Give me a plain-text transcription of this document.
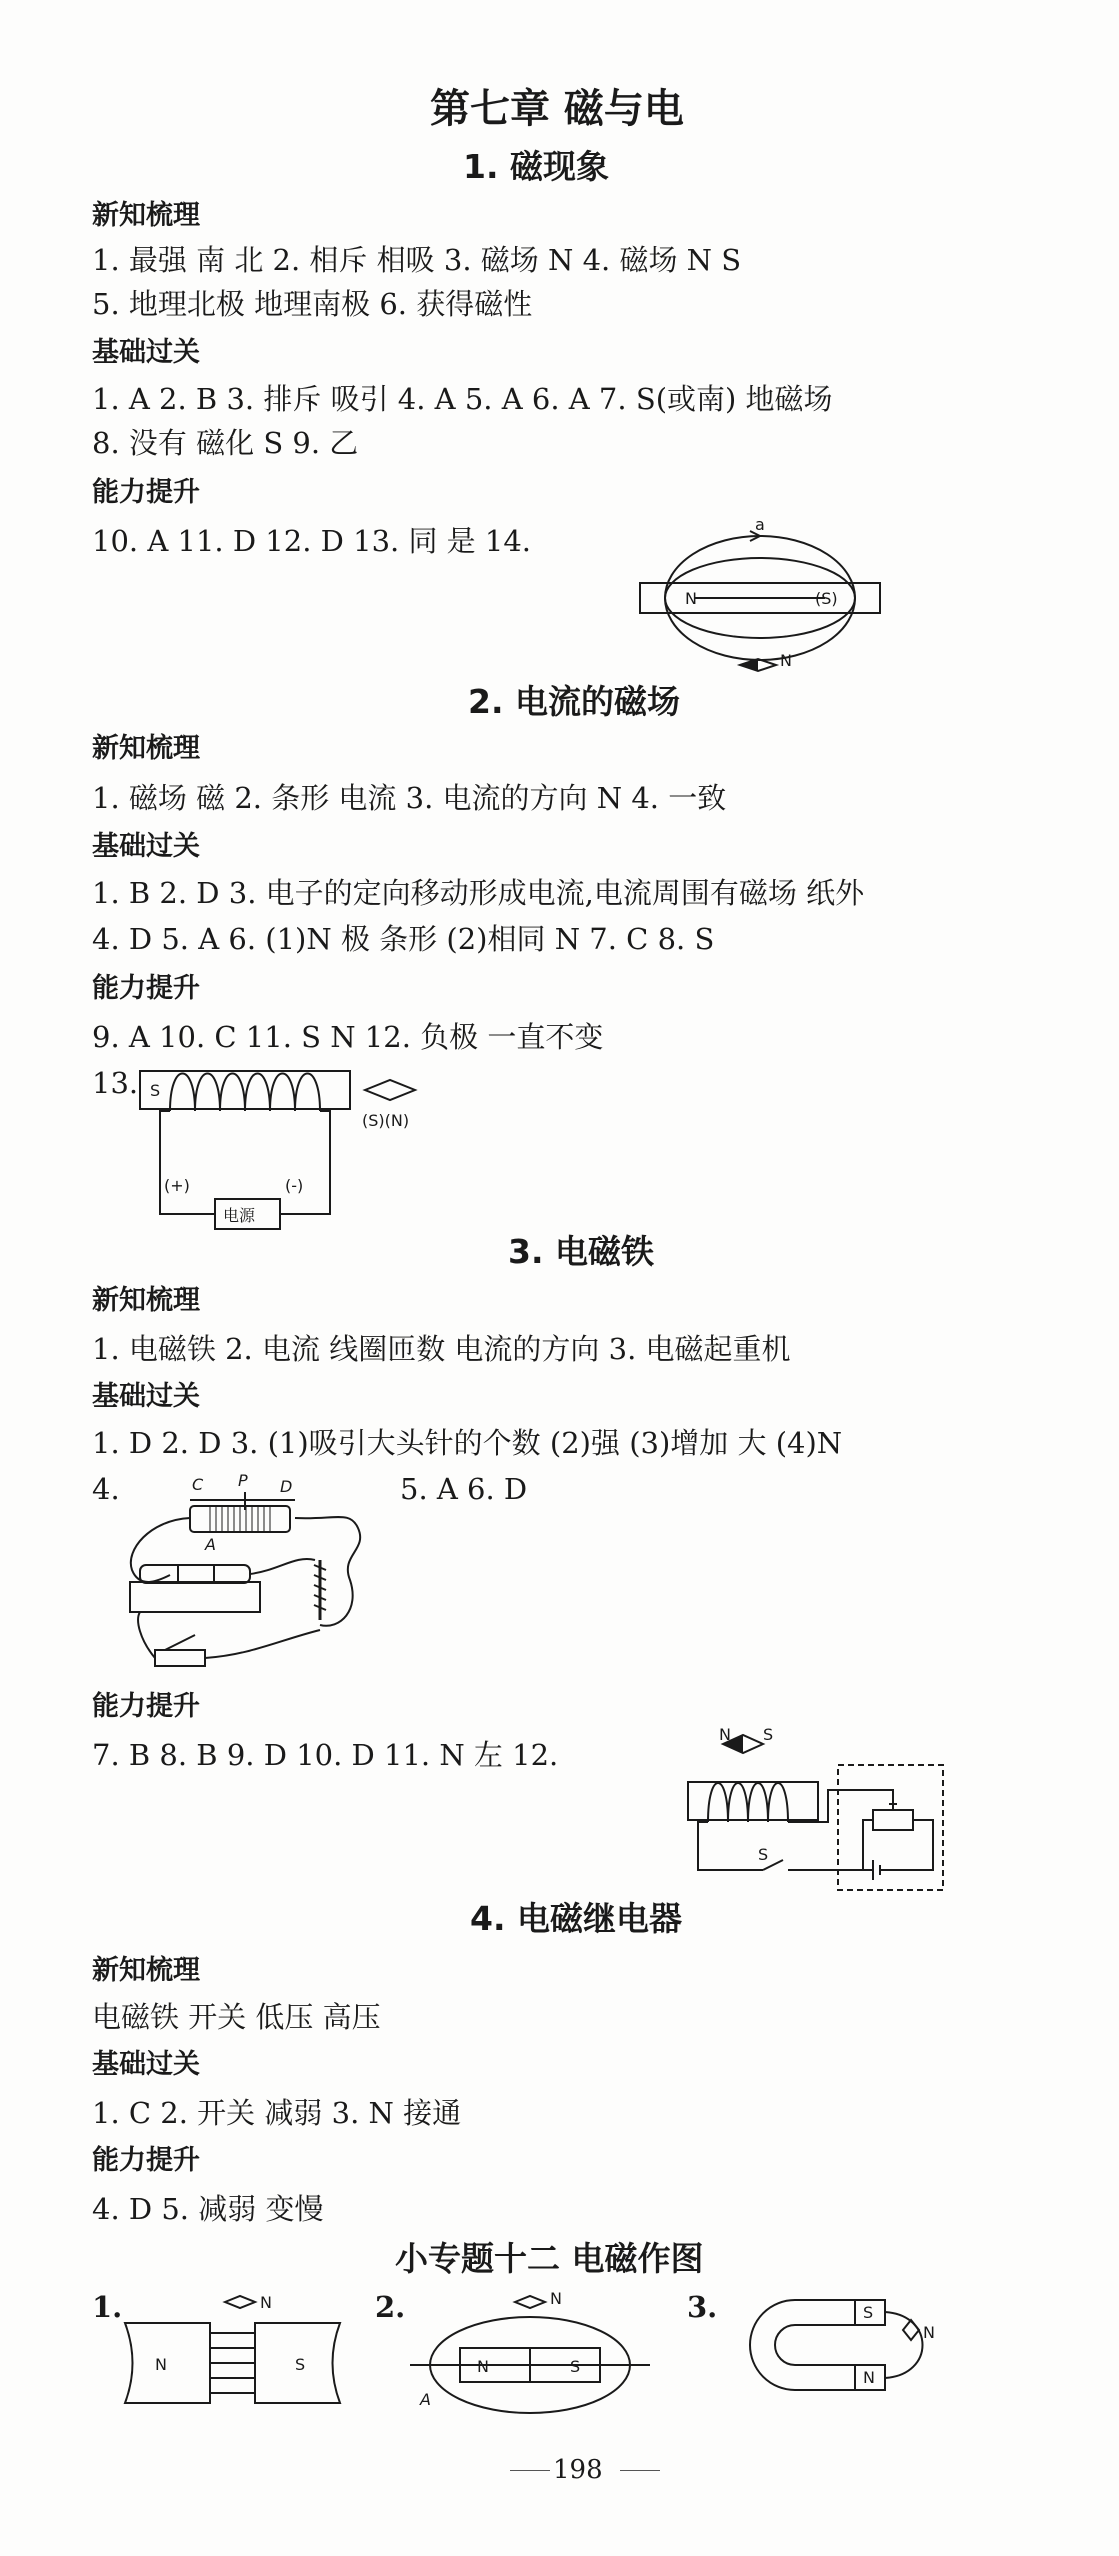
第七章 磁与电
1. 磁现象
新知梳理
1. 最强 南 北 2. 相斥 相吸 3. 磁场 N 4. 磁场 N S
5. 地理北极 地理南极 6. 获得磁性
基础过关
1. A 2. B 3. 排斥 吸引 4. A 5. A 6. A 7. S(或南) 地磁场
8. 没有 磁化 S 9. 乙
能力提升
10. A 11. D 12. D 13. 同 是 14.	a
N	(S)
N
2. 电流的磁场
新知梳理
1. 磁场 磁 2. 条形 电流 3. 电流的方向 N 4. 一致
基础过关
1. B 2. D 3. 电子的定向移动形成电流,电流周围有磁场 纸外
4. D 5. A 6. (1)N 极 条形 (2)相同 N 7. C 8. S
能力提升
9. A 10. C 11. S N 12. 负极 一直不变
13. S
(S)(N)
(+)	(-)
电源
3. 电磁铁
新知梳理
1. 电磁铁 2. 电流 线圈匝数 电流的方向 3. 电磁起重机
基础过关
1. D 2. D 3. (1)吸引大头针的个数 (2)强 (3)增加 大 (4)N
4.	5. A 6. D
C P D
A
能力提升
7. B 8. B 9. D 10. D 11. N 左 12.
N S
S
4. 电磁继电器
新知梳理
电磁铁 开关 低压 高压
基础过关
1. C 2. 开关 减弱 3. N 接通
能力提升
4. D 5. 减弱 变慢
小专题十二 电磁作图
1.
N	S
N	2.
N	S
N
A
3.	S
N
N
198
